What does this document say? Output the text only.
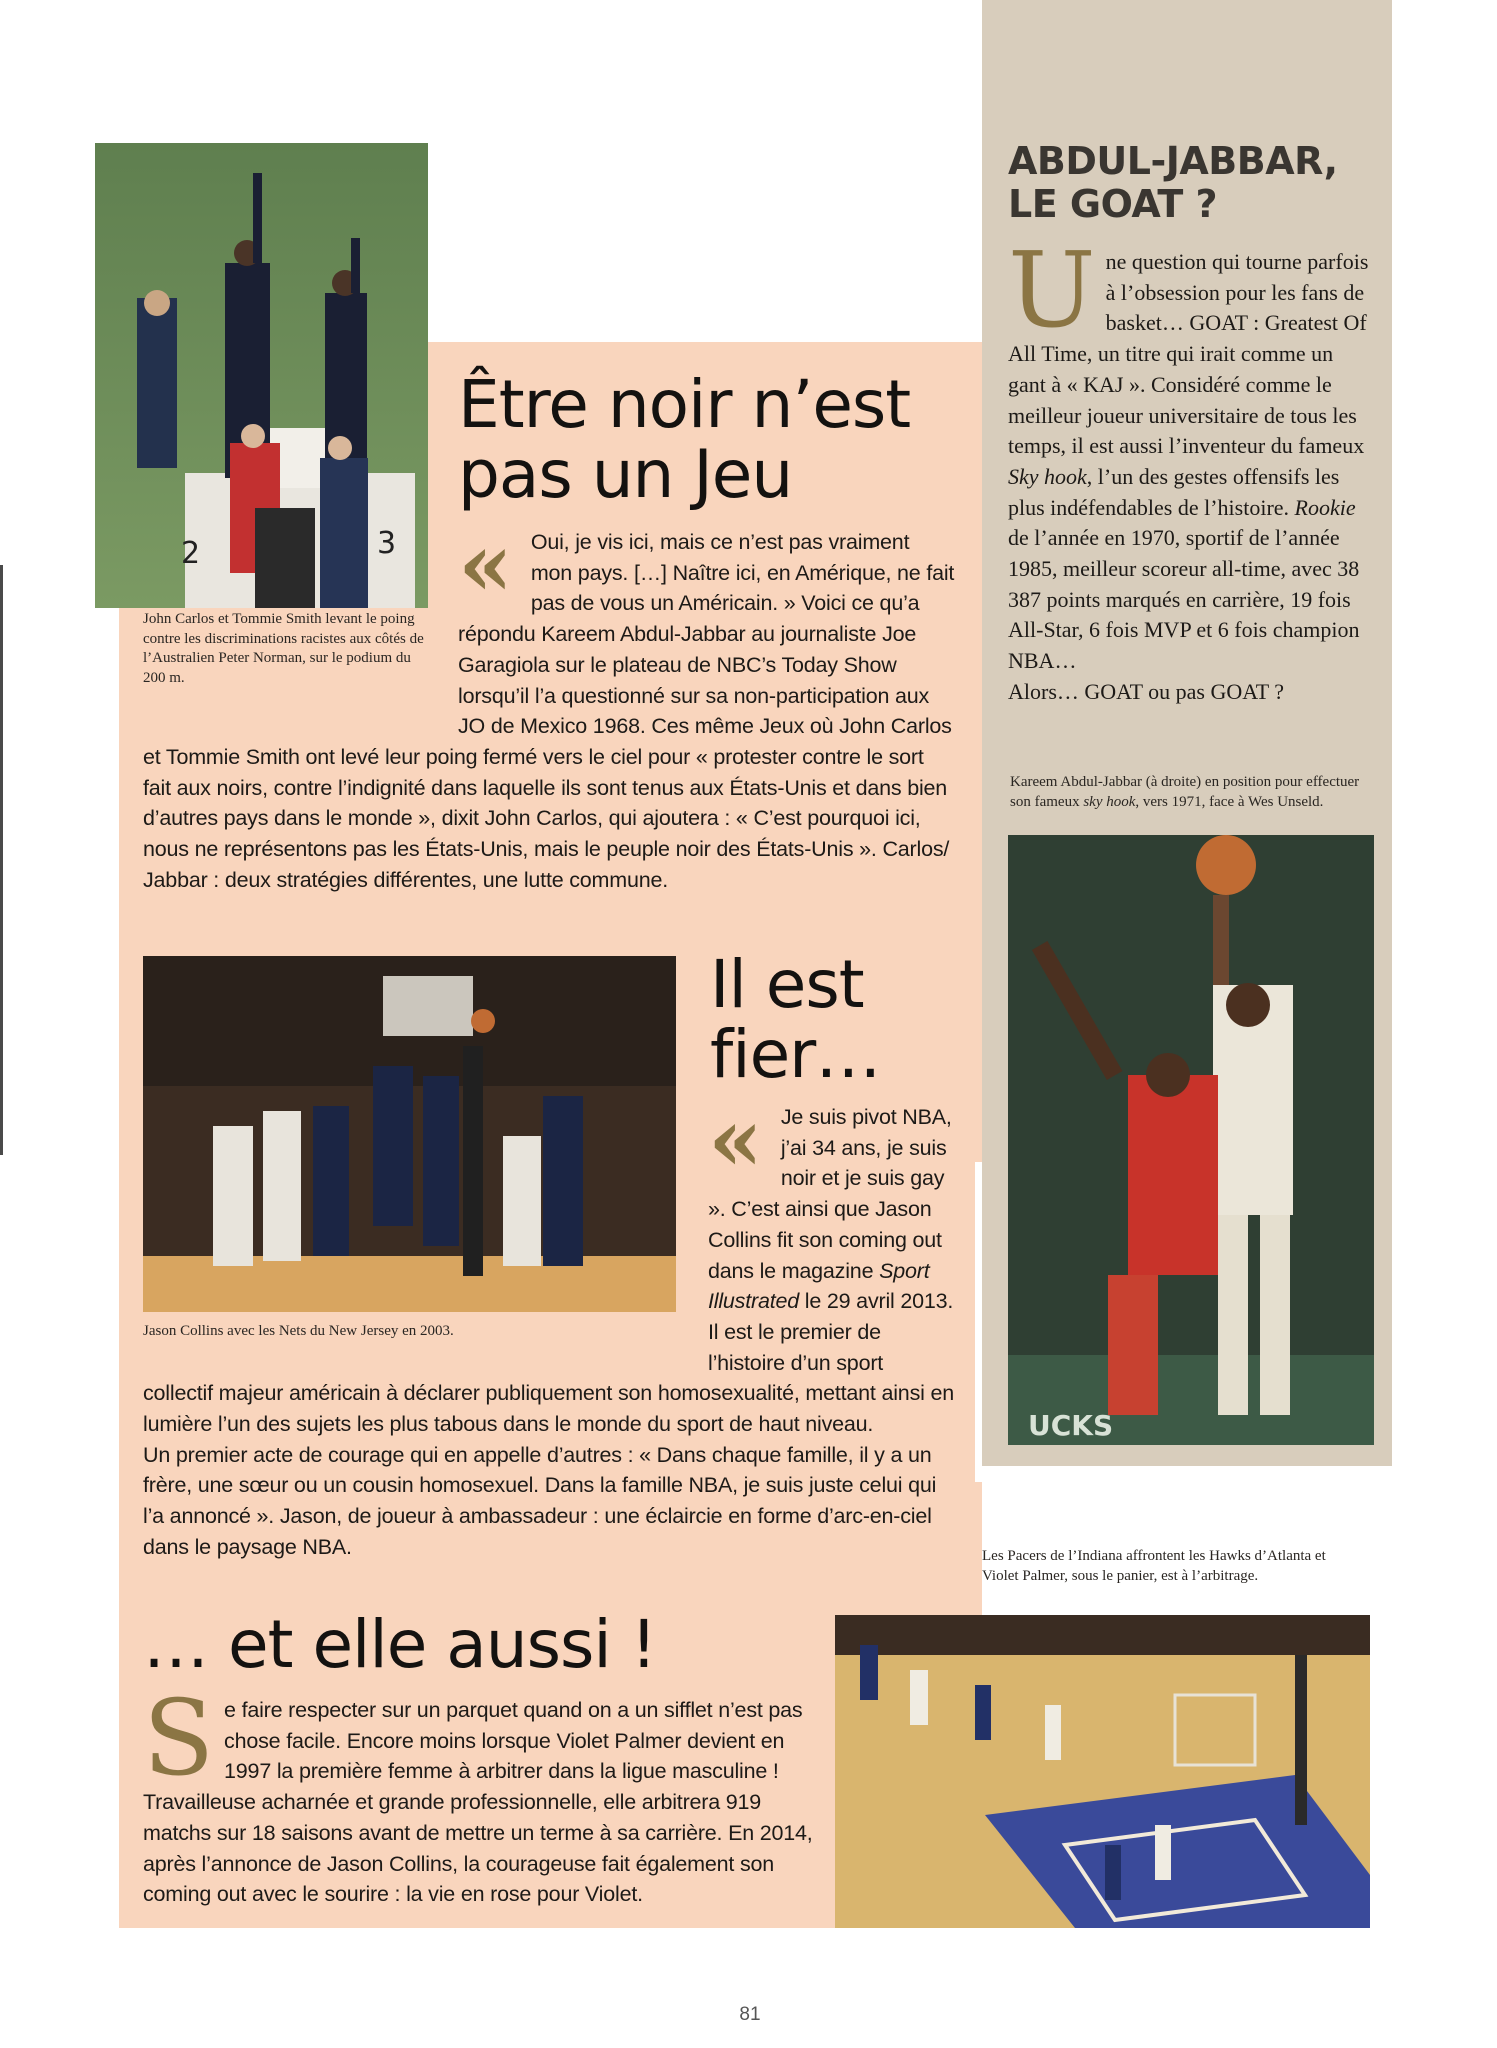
2	3
John Carlos et Tommie Smith levant le poing contre les discriminations racistes aux côtés de l’Australien Peter Norman, sur le podium du 200 m.
ABDUL-JABBAR,
LE GOAT ?

Une question qui tourne parfois à l’obsession pour les fans de basket… GOAT : Greatest Of All Time, un titre qui irait comme un gant à « KAJ ». Considéré comme le meilleur joueur universitaire de tous les temps, il est aussi l’inventeur du fameux Sky hook, l’un des gestes offensifs les plus indéfendables de l’histoire. Rookie de l’année en 1970, sportif de l’année 1985, meilleur scoreur all-time, avec 38 387 points marqués en carrière, 19 fois All-Star, 6 fois MVP et 6 fois champion NBA…

Alors… GOAT ou pas GOAT ?

Kareem Abdul-Jabbar (à droite) en position pour effectuer son fameux sky hook, vers 1971, face à Wes Unseld.
UCKS
Être noir n’est
pas un Jeu
« Oui, je vis ici, mais ce n’est pas vraiment mon pays. […] Naître ici, en Amérique, ne fait pas de vous un Américain. » Voici ce qu’a répondu Kareem Abdul-Jabbar au journaliste Joe Garagiola sur le plateau de NBC’s Today Show lorsqu’il l’a questionné sur sa non-participation aux JO de Mexico 1968. Ces même Jeux où John Carlos et Tommie Smith ont levé leur poing fermé vers le ciel pour « protester contre le sort fait aux noirs, contre l’indignité dans laquelle ils sont tenus aux États-Unis et dans bien d’autres pays dans le monde », dixit John Carlos, qui ajoutera : « C’est pourquoi ici, nous ne représentons pas les États-Unis, mais le peuple noir des États-Unis ». Carlos/ Jabbar : deux stratégies différentes, une lutte commune.
Jason Collins avec les Nets du New Jersey en 2003.
Il est
fier…
« Je suis pivot NBA, j’ai 34 ans, je suis noir et je suis gay ». C’est ainsi que Jason Collins fit son coming out dans le magazine Sport Illustrated le 29 avril 2013. Il est le premier de l’histoire d’un sport collectif majeur américain à déclarer publiquement son homosexualité, mettant ainsi en lumière l’un des sujets les plus tabous dans le monde du sport de haut niveau.

Un premier acte de courage qui en appelle d’autres : « Dans chaque famille, il y a un frère, une sœur ou un cousin homosexuel. Dans la famille NBA, je suis juste celui qui l’a annoncé ». Jason, de joueur à ambassadeur : une éclaircie en forme d’arc-en-ciel dans le paysage NBA.

… et elle aussi !
Se faire respecter sur un parquet quand on a un sifflet n’est pas chose facile. Encore moins lorsque Violet Palmer devient en 1997 la première femme à arbitrer dans la ligue masculine ! Travailleuse acharnée et grande professionnelle, elle arbitrera 919 matchs sur 18 saisons avant de mettre un terme à sa carrière. En 2014, après l’annonce de Jason Collins, la courageuse fait également son coming out avec le sourire : la vie en rose pour Violet.
Les Pacers de l’Indiana affrontent les Hawks d’Atlanta et Violet Palmer, sous le panier, est à l’arbitrage.
81
